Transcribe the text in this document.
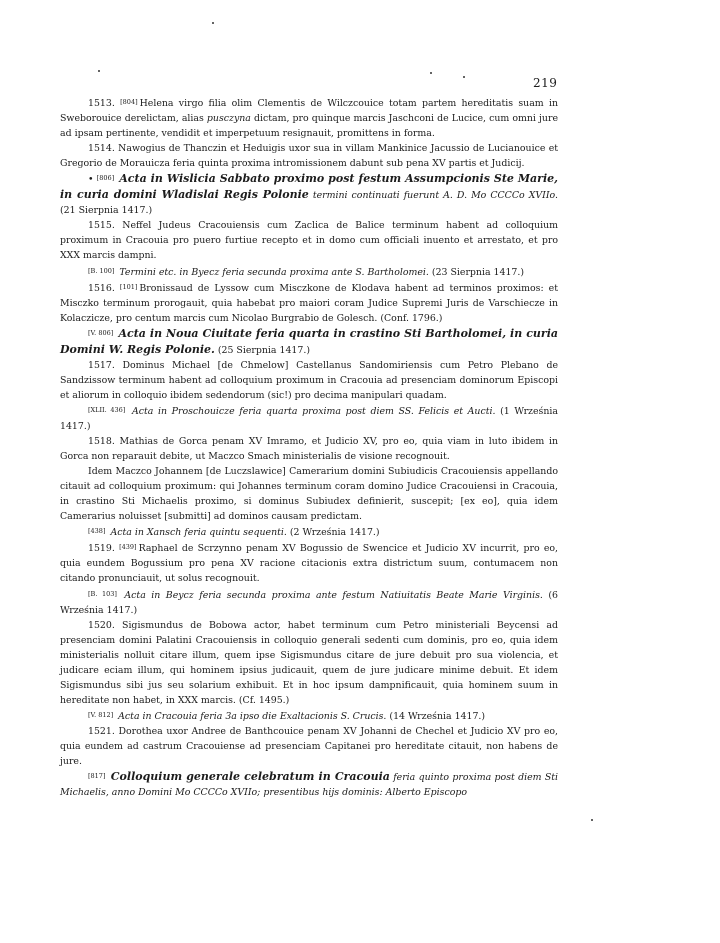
219

1513. [804] Helena virgo filia olim Clementis de Wilczcouice totam partem hereditatis suam in Sweborouice derelictam, alias pusczyna dictam, pro quinque marcis Jaschconi de Lucice, cum omni jure ad ipsam pertinente, vendidit et imperpetuum resignauit, promittens in forma.

1514. Nawogius de Thanczin et Heduigis uxor sua in villam Mankinice Jacussio de Lucianouice et Gregorio de Morauicza feria quinta proxima intromissionem dabunt sub pena XV partis et Judicij.

• [806] Acta in Wislicia Sabbato proximo post festum Assumpcionis Ste Marie, in curia domini Wladislai Regis Polonie termini continuati fuerunt A. D. Mo CCCCo XVIIo. (21 Sierpnia 1417.)

1515. Neffel Judeus Cracouiensis cum Zaclica de Balice terminum habent ad colloquium proximum in Cracouia pro puero furtiue recepto et in domo cum officiali inuento et arrestato, et pro XXX marcis dampni.

[B. 100] Termini etc. in Byecz feria secunda proxima ante S. Bartholomei. (23 Sierpnia 1417.)

1516. [101] Bronissaud de Lyssow cum Misczkone de Klodava habent ad terminos proximos: et Misczko terminum prorogauit, quia habebat pro maiori coram Judice Supremi Juris de Varschiecze in Kolaczicze, pro centum marcis cum Nicolao Burgrabio de Golesch. (Conf. 1796.)

[V. 806] Acta in Noua Ciuitate feria quarta in crastino Sti Bartholomei, in curia Domini W. Regis Polonie. (25 Sierpnia 1417.)

1517. Dominus Michael [de Chmelow] Castellanus Sandomiriensis cum Petro Plebano de Sandzissow terminum habent ad colloquium proximum in Cracouia ad presenciam dominorum Episcopi et aliorum in colloquio ibidem sedendorum (sic!) pro decima manipulari quadam.

[XLII. 436] Acta in Proschouicze feria quarta proxima post diem SS. Felicis et Aucti. (1 Września 1417.)

1518. Mathias de Gorca penam XV Imramo, et Judicio XV, pro eo, quia viam in luto ibidem in Gorca non reparauit debite, ut Maczco Smach ministerialis de visione recognouit.

Idem Maczco Johannem [de Luczslawice] Camerarium domini Subiudicis Cracouiensis appellando citauit ad colloquium proximum: qui Johannes terminum coram domino Judice Cracouiensi in Cracouia, in crastino Sti Michaelis proximo, si dominus Subiudex definierit, suscepit; [ex eo], quia idem Camerarius noluisset [submitti] ad dominos causam predictam.

[438] Acta in Xansch feria quintu sequenti. (2 Września 1417.)

1519. [439] Raphael de Scrzynno penam XV Bogussio de Swencice et Judicio XV incurrit, pro eo, quia eundem Bogussium pro pena XV racione citacionis extra districtum suum, contumacem non citando pronunciauit, ut solus recognouit.

[B. 103] Acta in Beycz feria secunda proxima ante festum Natiuitatis Beate Marie Virginis. (6 Września 1417.)

1520. Sigismundus de Bobowa actor, habet terminum cum Petro ministeriali Beycensi ad presenciam domini Palatini Cracouiensis in colloquio generali sedenti cum dominis, pro eo, quia idem ministerialis nolluit citare illum, quem ipse Sigismundus citare de jure debuit pro sua violencia, et judicare eciam illum, qui hominem ipsius judicauit, quem de jure judicare minime debuit. Et idem Sigismundus sibi jus seu solarium exhibuit. Et in hoc ipsum dampnificauit, quia hominem suum in hereditate non habet, in XXX marcis. (Cf. 1495.)

[V. 812] Acta in Cracouia feria 3a ipso die Exaltacionis S. Crucis. (14 Września 1417.)

1521. Dorothea uxor Andree de Banthcouice penam XV Johanni de Chechel et Judicio XV pro eo, quia eundem ad castrum Cracouiense ad presenciam Capitanei pro hereditate citauit, non habens de jure.

[817] Colloquium generale celebratum in Cracouia feria quinto proxima post diem Sti Michaelis, anno Domini Mo CCCCo XVIIo; presentibus hijs dominis: Alberto Episcopo
